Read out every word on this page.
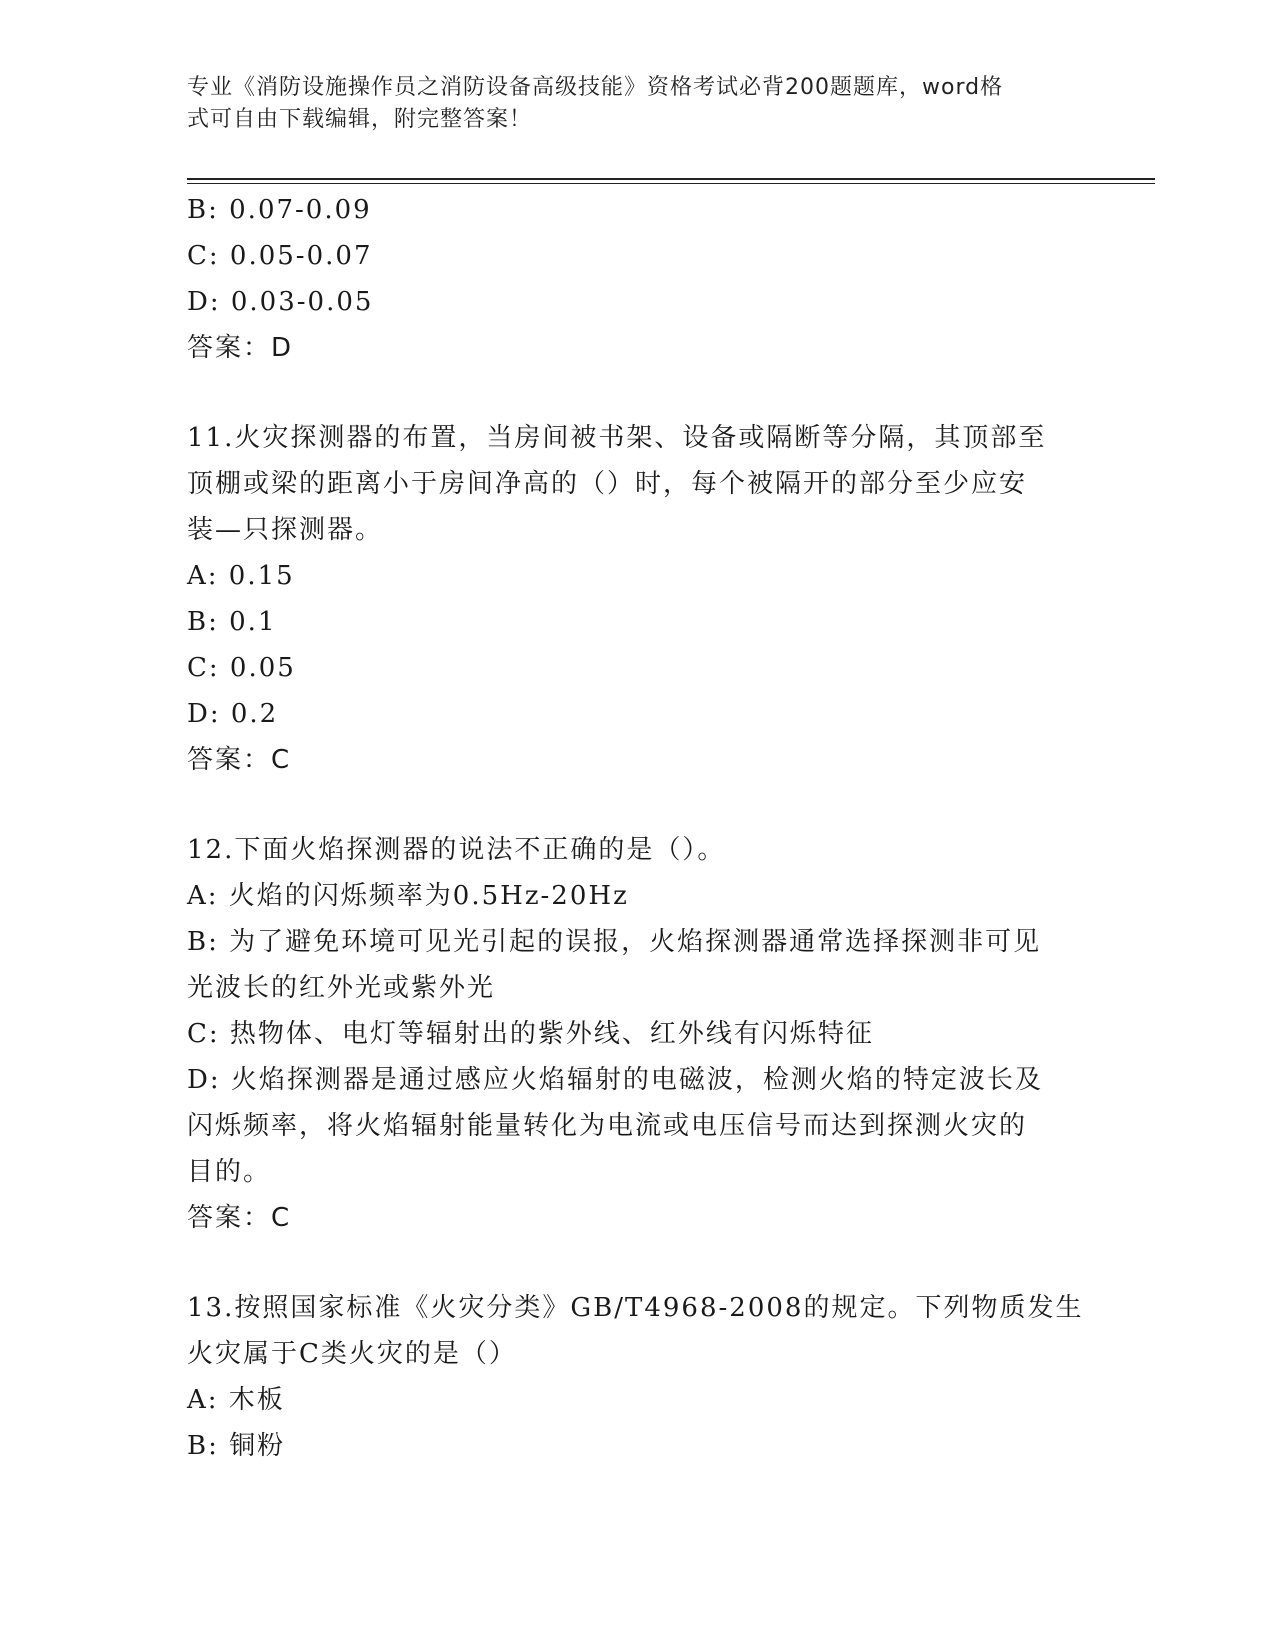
专业《消防设施操作员之消防设备高级技能》资格考试必背200题题库，word格
式可自由下载编辑，附完整答案！
B: 0.07-0.09
C: 0.05-0.07
D: 0.03-0.05
答案：D
11.火灾探测器的布置，当房间被书架、设备或隔断等分隔，其顶部至
顶棚或梁的距离小于房间净高的（）时，每个被隔开的部分至少应安
装—只探测器。
A: 0.15
B: 0.1
C: 0.05
D: 0.2
答案：C
12.下面火焰探测器的说法不正确的是（）。
A: 火焰的闪烁频率为0.5Hz-20Hz
B: 为了避免环境可见光引起的误报，火焰探测器通常选择探测非可见
光波长的红外光或紫外光
C: 热物体、电灯等辐射出的紫外线、红外线有闪烁特征
D: 火焰探测器是通过感应火焰辐射的电磁波，检测火焰的特定波长及
闪烁频率，将火焰辐射能量转化为电流或电压信号而达到探测火灾的
目的。
答案：C
13.按照国家标准《火灾分类》GB/T4968-2008的规定。下列物质发生
火灾属于C类火灾的是（）
A: 木板
B: 铜粉
